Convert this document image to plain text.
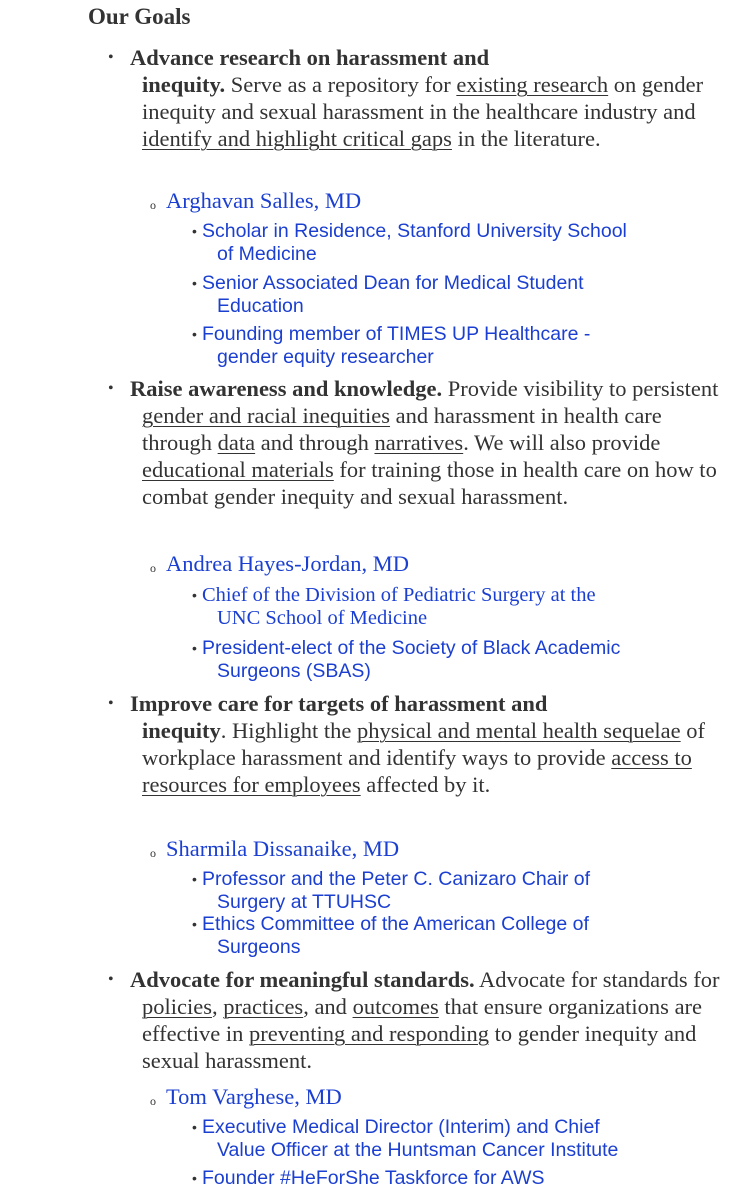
Our Goals
• Advance research on harassment and
inequity. Serve as a repository for existing research on gender inequity and sexual harassment in the healthcare industry and identify and highlight critical gaps in the literature.
o Arghavan Salles, MD
• Scholar in Residence, Stanford University School
of Medicine
• Senior Associated Dean for Medical Student
Education
• Founding member of TIMES UP Healthcare -
gender equity researcher
• Raise awareness and knowledge. Provide visibility to persistent gender and racial inequities and harassment in health care through data and through narratives. We will also provide educational materials for training those in health care on how to combat gender inequity and sexual harassment.
o Andrea Hayes-Jordan, MD
• Chief of the Division of Pediatric Surgery at the
UNC School of Medicine
• President-elect of the Society of Black Academic
Surgeons (SBAS)
• Improve care for targets of harassment and
inequity. Highlight the physical and mental health sequelae of workplace harassment and identify ways to provide access to resources for employees affected by it.
o Sharmila Dissanaike, MD
• Professor and the Peter C. Canizaro Chair of
Surgery at TTUHSC
• Ethics Committee of the American College of
Surgeons
• Advocate for meaningful standards. Advocate for standards for policies, practices, and outcomes that ensure organizations are effective in preventing and responding to gender inequity and sexual harassment.
o Tom Varghese, MD
• Executive Medical Director (Interim) and Chief
Value Officer at the Huntsman Cancer Institute
• Founder #HeForShe Taskforce for AWS
